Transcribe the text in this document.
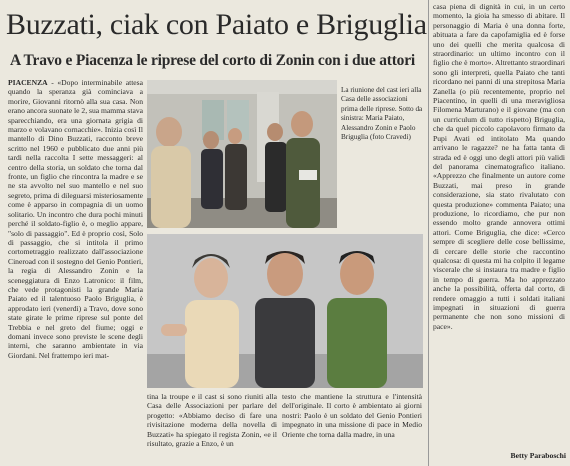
Buzzati, ciak con Paiato e Briguglia
A Travo e Piacenza le riprese del corto di Zonin con i due attori

PIACENZA - «Dopo interminabile attesa quando la speranza già cominciava a morire, Giovanni ritornò alla sua casa. Non erano ancora suonate le 2, sua mamma stava sparecchiando, era una giornata grigia di marzo e volavano cornacchie». Inizia così Il mantello di Dino Buzzati, racconto breve scritto nel 1960 e pubblicato due anni più tardi nella raccolta I sette messaggeri: al centro della storia, un soldato che torna dal fronte, un figlio che rincontra la madre e se ne sta avvolto nel suo mantello e nel suo segreto, prima di dileguarsi misteriosamente come è apparso in compagnia di un uomo solitario. Un incontro che dura pochi minuti perché il soldato-figlio è, o meglio appare, "solo di passaggio". Ed è proprio così, Solo di passaggio, che si intitola il primo cortometraggio realizzato dall'associazione Cineroad con il sostegno del Genio Pontieri, la regia di Alessandro Zonin e la sceneggiatura di Enzo Latronico: il film, che vede protagonisti la grande Maria Paiato ed il talentuoso Paolo Briguglia, è approdato ieri (venerdì) a Travo, dove sono state girate le prime riprese sul ponte del Trebbia e nel greto del fiume; oggi e domani invece sono previste le scene degli interni, che saranno ambientate in via Giordani. Nel frattempo ieri mat-

La riunione del cast ieri alla Casa delle associazioni prima delle riprese. Sotto da sinistra: Maria Paiato, Alessandro Zonin e Paolo Briguglia (foto Cravedi)
tina la troupe e il cast si sono riuniti alla Casa delle Associazioni per parlare del progetto: «Abbiamo deciso di fare una rivisitazione moderna della novella di Buzzati» ha spiegato il regista Zonin, «e il risultato, grazie a Enzo, è un
testo che mantiene la struttura e l'intensità dell'originale. Il corto è ambientato ai giorni nostri: Paolo è un soldato del Genio Pontieri impegnato in una missione di pace in Medio Oriente che torna dalla madre, in una
casa piena di dignità in cui, in un certo momento, la gioia ha smesso di abitare. Il personaggio di Maria è una donna forte, abituata a fare da capofamiglia ed è forse uno dei quelli che merita qualcosa di straordinario: un ultimo incontro con il figlio che è morto». Altrettanto straordinari sono gli interpreti, quella Paiato che tanti ricordano nei panni di una strepitosa Maria Zanella (o più recentemente, proprio nel Piacentino, in quelli di una meravigliosa Filomena Marturano) e il giovane (ma con un curriculum di tutto rispetto) Briguglia, che da quel piccolo capolavoro firmato da Pupi Avati ed intitolato Ma quando arrivano le ragazze? ne ha fatta tanta di strada ed è oggi uno degli attori più validi del panorama cinematografico italiano. «Apprezzo che finalmente un autore come Buzzati, mai preso in grande considerazione, sia stato rivalutato con questa produzione» commenta Paiato; una produzione, lo ricordiamo, che pur non essendo molto grande annovera ottimi attori. Come Briguglia, che dice: «Cerco sempre di scegliere delle cose bellissime, di cercare delle storie che raccontino qualcosa: di questa mi ha colpito il legame viscerale che si instaura tra madre e figlio in tempo di guerra. Ma ho apprezzato anche la possibilità, offerta dal corto, di rendere omaggio a tutti i soldati italiani impegnati in situazioni di guerra permanente che non sono missioni di pace».
Betty Paraboschi
